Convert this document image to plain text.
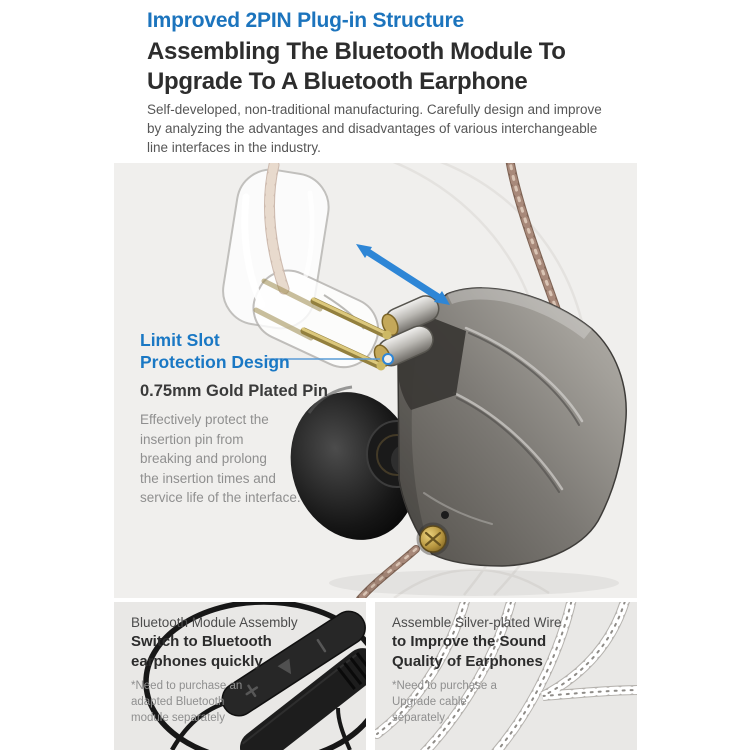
Improved 2PIN Plug-in Structure
Assembling The Bluetooth Module To
Upgrade To A Bluetooth Earphone
Self-developed, non-traditional manufacturing. Carefully design and improve
by analyzing the advantages and disadvantages of various interchangeable
line interfaces in the industry.
Limit Slot
Protection Design
0.75mm Gold Plated Pin
Effectively protect the
insertion pin from
breaking and prolong
the insertion times and
service life of the interface.
Bluetooth Module Assembly
Switch to Bluetooth
earphones quickly
*Need to purchase an
adapted Bluetooth
module separately
Assemble Silver-plated Wire
to Improve the Sound
Quality of Earphones
*Need to purchase a
Upgrade cable
separately
